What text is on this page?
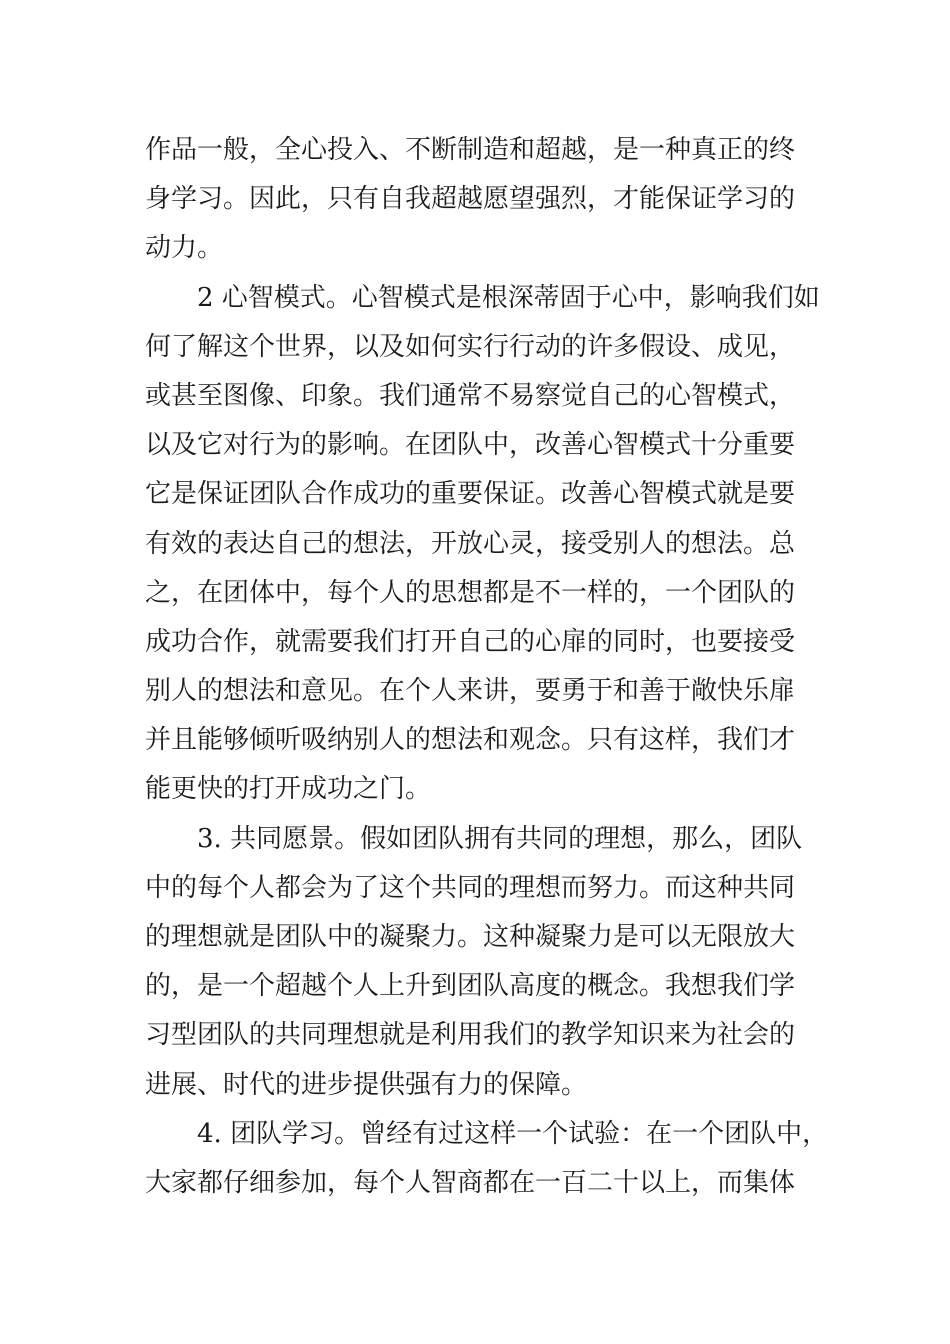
作品一般，全心投入、不断制造和超越，是一种真正的终
身学习。因此，只有自我超越愿望强烈，才能保证学习的
动力。
2 心智模式。心智模式是根深蒂固于心中，影响我们如
何了解这个世界，以及如何实行行动的许多假设、成见，
或甚至图像、印象。我们通常不易察觉自己的心智模式，
以及它对行为的影响。在团队中，改善心智模式十分重要
它是保证团队合作成功的重要保证。改善心智模式就是要
有效的表达自己的想法，开放心灵，接受别人的想法。总
之，在团体中，每个人的思想都是不一样的，一个团队的
成功合作，就需要我们打开自己的心扉的同时，也要接受
别人的想法和意见。在个人来讲，要勇于和善于敞快乐扉
并且能够倾听吸纳别人的想法和观念。只有这样，我们才
能更快的打开成功之门。
3. 共同愿景。假如团队拥有共同的理想，那么，团队
中的每个人都会为了这个共同的理想而努力。而这种共同
的理想就是团队中的凝聚力。这种凝聚力是可以无限放大
的，是一个超越个人上升到团队高度的概念。我想我们学
习型团队的共同理想就是利用我们的教学知识来为社会的
进展、时代的进步提供强有力的保障。
4. 团队学习。曾经有过这样一个试验：在一个团队中，
大家都仔细参加，每个人智商都在一百二十以上，而集体
